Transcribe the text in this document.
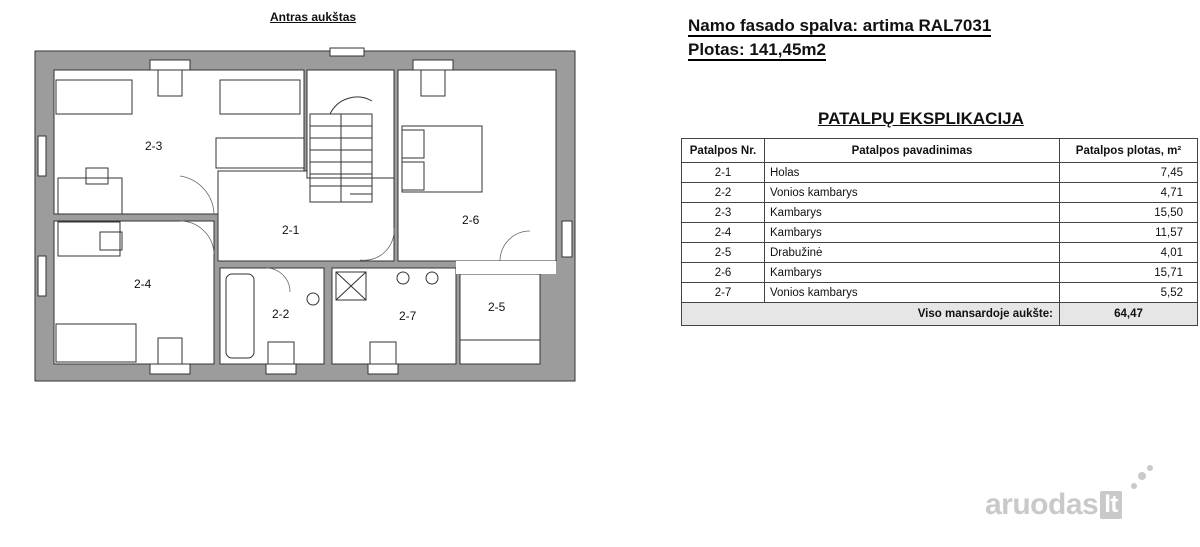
Antras aukštas
2-3
2-1
2-6
2-4
2-2	2-7
2-5
Namo fasado spalva: artima RAL7031
Plotas: 141,45m2
PATALPŲ EKSPLIKACIJA
Patalpos Nr.	Patalpos pavadinimas	Patalpos plotas, m²
2-1	Holas	7,45
2-2	Vonios kambarys	4,71
2-3	Kambarys	15,50
2-4	Kambarys	11,57
2-5	Drabužinė	4,01
2-6	Kambarys	15,71
2-7	Vonios kambarys	5,52
Viso mansardoje aukšte:		64,47
aruodas lt
